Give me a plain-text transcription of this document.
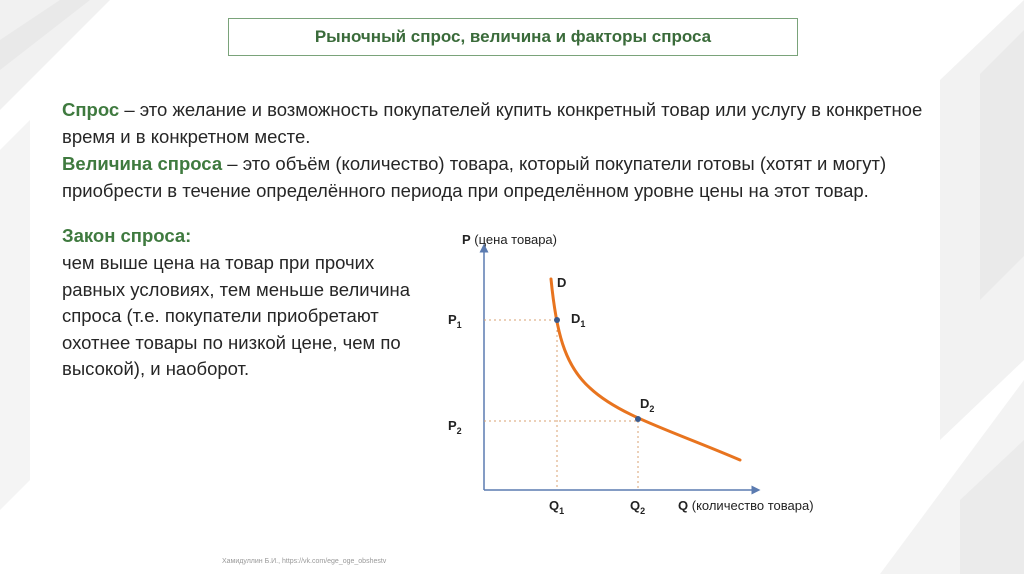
Рыночный спрос, величина и факторы спроса
Спрос – это желание и возможность покупателей купить конкретный товар или услугу в конкретное время и в конкретном месте.
Величина спроса – это объём (количество) товара, который покупатели готовы (хотят и могут) приобрести в течение определённого периода при определённом уровне цены на этот товар.
Закон спроса:
чем выше цена на товар при прочих равных условиях, тем меньше величина спроса (т.е. покупатели приобретают охотнее товары по низкой цене, чем по высокой), и наоборот.
P (цена товара)
Q (количество товара)
D
$D_1$
$D_2$
$P_1$
$P_2$
$Q_1$	$Q_2$
Хамидуллин Б.И., https://vk.com/ege_oge_obshestv
